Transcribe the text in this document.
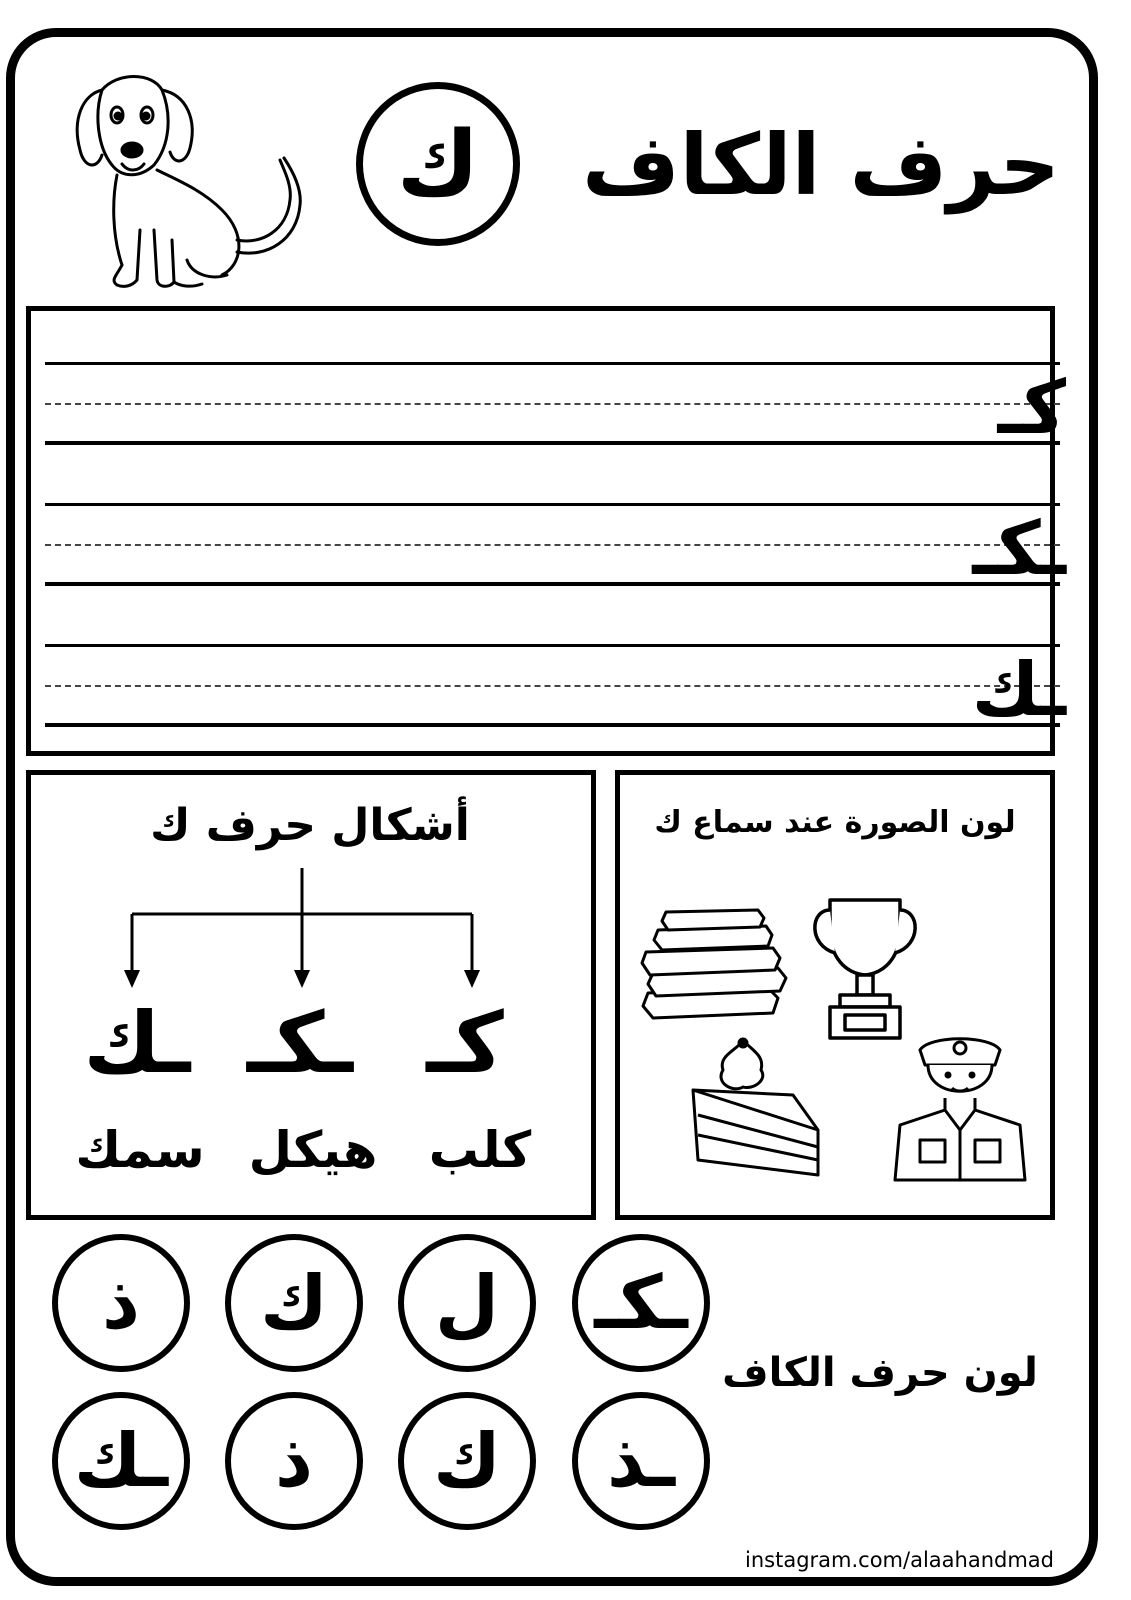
حرف الكاف
ك
كـ
ـكـ
ـك
أشكال حرف ك
كـ
ـكـ
ـك
كلب
هيكل
سمك
لون الصورة عند سماع ك
لون حرف الكاف
ذ	ك	ل	ـكـ
ـك	ذ	ك	ـذ
instagram.com/alaahandmad
